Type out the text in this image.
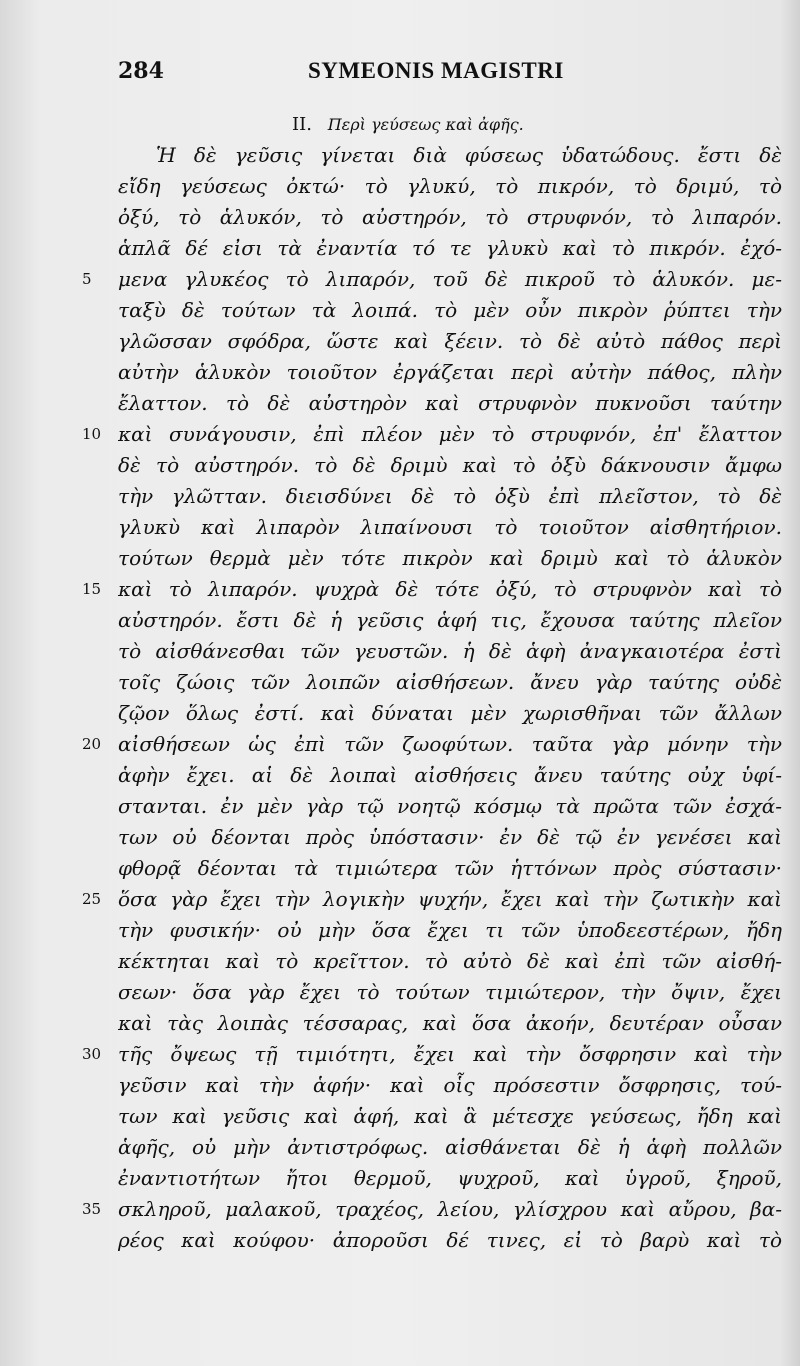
284	SYMEONIS MAGISTRI
II. Περὶ γεύσεως καὶ ἀφῆς.
Ἡ δὲ γεῦσις γίνεται διὰ φύσεως ὑδατώδους. ἔστι δὲ
εἴδη γεύσεως ὀκτώ· τὸ γλυκύ, τὸ πικρόν, τὸ δριμύ, τὸ
ὀξύ, τὸ ἁλυκόν, τὸ αὐστηρόν, τὸ στρυφνόν, τὸ λιπαρόν.
ἁπλᾶ δέ εἰσι τὰ ἐναντία τό τε γλυκὺ καὶ τὸ πικρόν. ἐχό-
μενα γλυκέος τὸ λιπαρόν, τοῦ δὲ πικροῦ τὸ ἁλυκόν. με-
ταξὺ δὲ τούτων τὰ λοιπά. τὸ μὲν οὖν πικρὸν ῥύπτει τὴν
γλῶσσαν σφόδρα, ὥστε καὶ ξέειν. τὸ δὲ αὐτὸ πάθος περὶ
αὐτὴν ἁλυκὸν τοιοῦτον ἐργάζεται περὶ αὐτὴν πάθος, πλὴν
ἔλαττον. τὸ δὲ αὐστηρὸν καὶ στρυφνὸν πυκνοῦσι ταύτην
καὶ συνάγουσιν, ἐπὶ πλέον μὲν τὸ στρυφνόν, ἐπ' ἔλαττον
δὲ τὸ αὐστηρόν. τὸ δὲ δριμὺ καὶ τὸ ὀξὺ δάκνουσιν ἄμφω
τὴν γλῶτταν. διεισδύνει δὲ τὸ ὀξὺ ἐπὶ πλεῖστον, τὸ δὲ
γλυκὺ καὶ λιπαρὸν λιπαίνουσι τὸ τοιοῦτον αἰσθητήριον.
τούτων θερμὰ μὲν τότε πικρὸν καὶ δριμὺ καὶ τὸ ἁλυκὸν
καὶ τὸ λιπαρόν. ψυχρὰ δὲ τότε ὀξύ, τὸ στρυφνὸν καὶ τὸ
αὐστηρόν. ἔστι δὲ ἡ γεῦσις ἁφή τις, ἔχουσα ταύτης πλεῖον
τὸ αἰσθάνεσθαι τῶν γευστῶν. ἡ δὲ ἁφὴ ἀναγκαιοτέρα ἐστὶ
τοῖς ζώοις τῶν λοιπῶν αἰσθήσεων. ἄνευ γὰρ ταύτης οὐδὲ
ζῷον ὅλως ἐστί. καὶ δύναται μὲν χωρισθῆναι τῶν ἄλλων
αἰσθήσεων ὡς ἐπὶ τῶν ζωοφύτων. ταῦτα γὰρ μόνην τὴν
ἁφὴν ἔχει. αἱ δὲ λοιπαὶ αἰσθήσεις ἄνευ ταύτης οὐχ ὑφί-
στανται. ἐν μὲν γὰρ τῷ νοητῷ κόσμῳ τὰ πρῶτα τῶν ἐσχά-
των οὐ δέονται πρὸς ὑπόστασιν· ἐν δὲ τῷ ἐν γενέσει καὶ
φθορᾷ δέονται τὰ τιμιώτερα τῶν ἡττόνων πρὸς σύστασιν·
ὅσα γὰρ ἔχει τὴν λογικὴν ψυχήν, ἔχει καὶ τὴν ζωτικὴν καὶ
τὴν φυσικήν· οὐ μὴν ὅσα ἔχει τι τῶν ὑποδεεστέρων, ἤδη
κέκτηται καὶ τὸ κρεῖττον. τὸ αὐτὸ δὲ καὶ ἐπὶ τῶν αἰσθή-
σεων· ὅσα γὰρ ἔχει τὸ τούτων τιμιώτερον, τὴν ὄψιν, ἔχει
καὶ τὰς λοιπὰς τέσσαρας, καὶ ὅσα ἀκοήν, δευτέραν οὖσαν
τῆς ὄψεως τῇ τιμιότητι, ἔχει καὶ τὴν ὄσφρησιν καὶ τὴν
γεῦσιν καὶ τὴν ἁφήν· καὶ οἷς πρόσεστιν ὄσφρησις, τού-
των καὶ γεῦσις καὶ ἁφή, καὶ ἃ μέτεσχε γεύσεως, ἤδη καὶ
ἁφῆς, οὐ μὴν ἀντιστρόφως. αἰσθάνεται δὲ ἡ ἁφὴ πολλῶν
ἐναντιοτήτων ἤτοι θερμοῦ, ψυχροῦ, καὶ ὑγροῦ, ξηροῦ,
σκληροῦ, μαλακοῦ, τραχέος, λείου, γλίσχρου καὶ αὔρου, βα-
ρέος καὶ κούφου· ἀποροῦσι δέ τινες, εἰ τὸ βαρὺ καὶ τὸ
5
10
15
20
25
30
35
